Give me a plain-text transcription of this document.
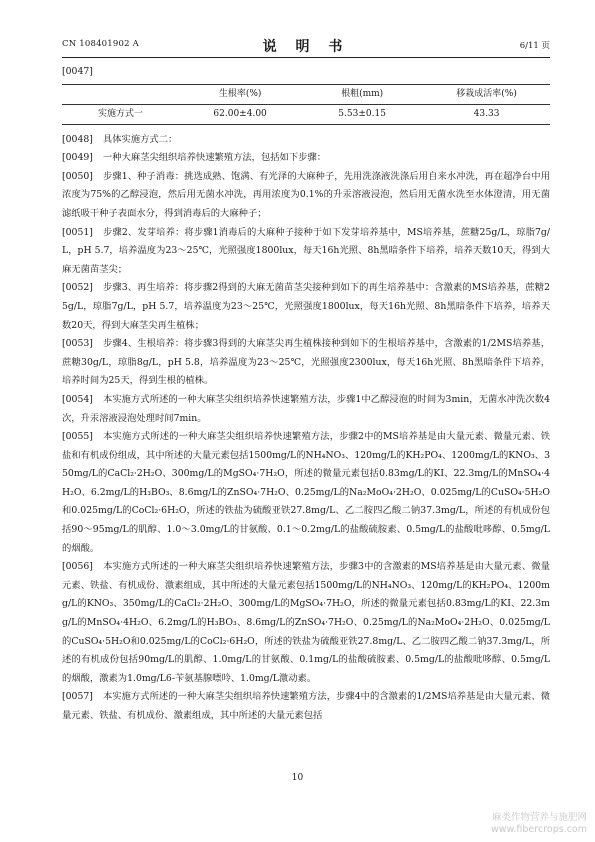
CN 108401902 A	说 明 书	6/11 页

[0047]

	生根率(%)	根粗(mm)	移栽成活率(%)
实施方式一	62.00±4.00	5.53±0.15	43.33

[0048] 具体实施方式二：

[0049] 一种大麻茎尖组织培养快速繁殖方法，包括如下步骤：

[0050] 步骤1、种子消毒：挑选成熟、饱满、有光泽的大麻种子，先用洗涤液洗涤后用自来水冲洗，再在超净台中用浓度为75%的乙醇浸泡，然后用无菌水冲洗，再用浓度为0.1%的升汞溶液浸泡，然后用无菌水洗至水体澄清，用无菌滤纸吸干种子表面水分，得到消毒后的大麻种子；

[0051] 步骤2、发芽培养：将步骤1消毒后的大麻种子接种于如下发芽培养基中，MS培养基，蔗糖25g/L，琼脂7g/L，pH 5.7，培养温度为23～25℃，光照强度1800lux，每天16h光照、8h黑暗条件下培养，培养天数10天，得到大麻无菌苗茎尖；

[0052] 步骤3、再生培养：将步骤2得到的大麻无菌苗茎尖接种到如下的再生培养基中：含激素的MS培养基，蔗糖25g/L，琼脂7g/L，pH 5.7，培养温度为23～25℃，光照强度1800lux，每天16h光照、8h黑暗条件下培养，培养天数20天，得到大麻茎尖再生植株；

[0053] 步骤4、生根培养：将步骤3得到的大麻茎尖再生植株接种到如下的生根培养基中，含激素的1/2MS培养基，蔗糖30g/L，琼脂8g/L，pH 5.8，培养温度为23～25℃，光照强度2300lux，每天16h光照、8h黑暗条件下培养，培养时间为25天，得到生根的植株。

[0054] 本实施方式所述的一种大麻茎尖组织培养快速繁殖方法，步骤1中乙醇浸泡的时间为3min，无菌水冲洗次数4次，升汞溶液浸泡处理时间7min。

[0055] 本实施方式所述的一种大麻茎尖组织培养快速繁殖方法，步骤2中的MS培养基是由大量元素、微量元素、铁盐和有机成份组成，其中所述的大量元素包括1500mg/L的NH₄NO₃、120mg/L的KH₂PO₄、1200mg/L的KNO₃、350mg/L的CaCl₂·2H₂O、300mg/L的MgSO₄·7H₂O，所述的微量元素包括0.83mg/L的KI、22.3mg/L的MnSO₄·4H₂O、6.2mg/L的H₃BO₃、8.6mg/L的ZnSO₄·7H₂O、0.25mg/L的Na₂MoO₄·2H₂O、0.025mg/L的CuSO₄·5H₂O和0.025mg/L的CoCl₂·6H₂O，所述的铁盐为硫酸亚铁27.8mg/L、乙二胺四乙酸二钠37.3mg/L，所述的有机成份包括90～95mg/L的肌醇、1.0～3.0mg/L的甘氨酸、0.1～0.2mg/L的盐酸硫胺素、0.5mg/L的盐酸吡哆醇、0.5mg/L的烟酸。

[0056] 本实施方式所述的一种大麻茎尖组织培养快速繁殖方法，步骤3中的含激素的MS培养基是由大量元素、微量元素、铁盐、有机成份、激素组成，其中所述的大量元素包括1500mg/L的NH₄NO₃、120mg/L的KH₂PO₄、1200mg/L的KNO₃、350mg/L的CaCl₂·2H₂O、300mg/L的MgSO₄·7H₂O，所述的微量元素包括0.83mg/L的KI、22.3mg/L的MnSO₄·4H₂O、6.2mg/L的H₃BO₃、8.6mg/L的ZnSO₄·7H₂O、0.25mg/L的Na₂MoO₄·2H₂O、0.025mg/L的CuSO₄·5H₂O和0.025mg/L的CoCl₂·6H₂O，所述的铁盐为硫酸亚铁27.8mg/L、乙二胺四乙酸二钠37.3mg/L，所述的有机成份包括90mg/L的肌醇、1.0mg/L的甘氨酸、0.1mg/L的盐酸硫胺素、0.5mg/L的盐酸吡哆醇、0.5mg/L的烟酸，激素为1.0mg/L6-苄氨基腺嘌呤、1.0mg/L激动素。

[0057] 本实施方式所述的一种大麻茎尖组织培养快速繁殖方法，步骤4中的含激素的1/2MS培养基是由大量元素、微量元素、铁盐、有机成份、激素组成，其中所述的大量元素包括

10
麻类作物营养与施肥网
www.fibercrops.com
